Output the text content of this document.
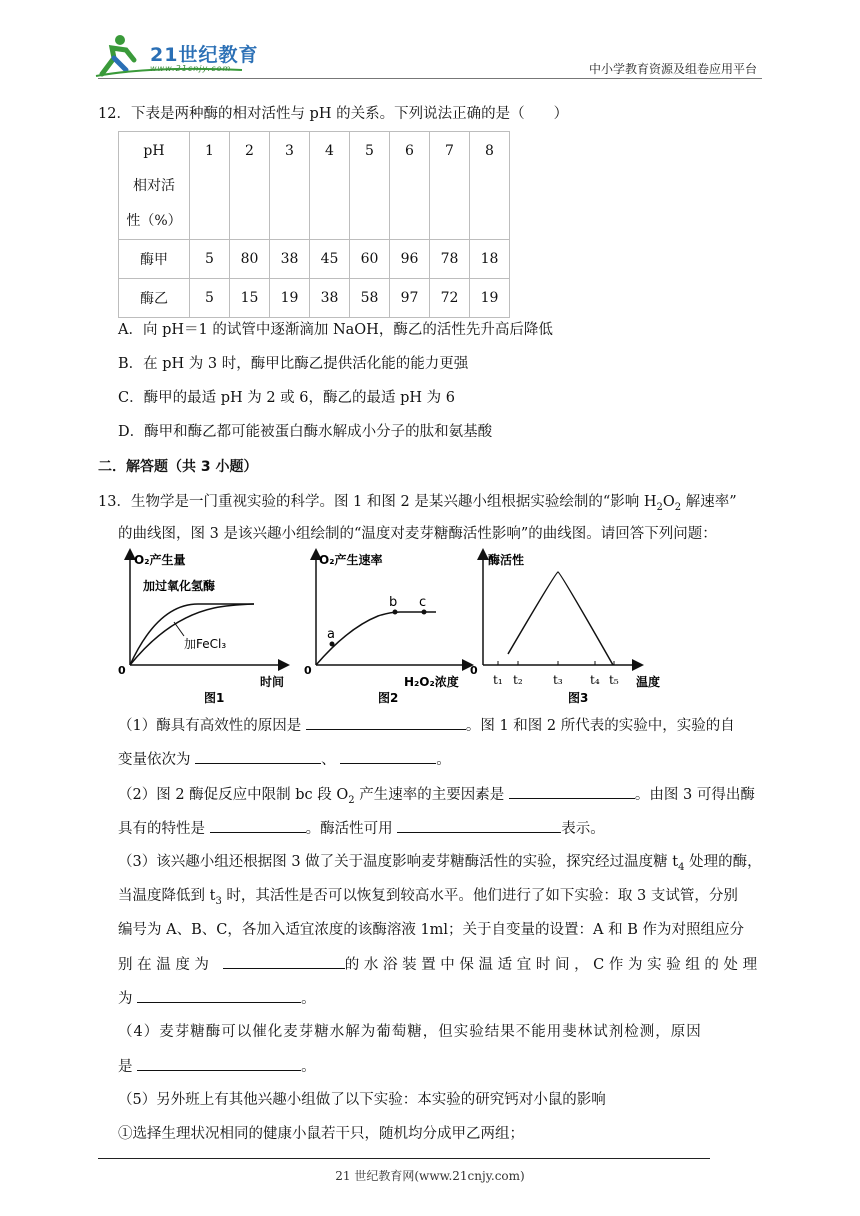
21世纪教育
www.21cnjy.com	中小学教育资源及组卷应用平台
12．下表是两种酶的相对活性与 pH 的关系。下列说法正确的是（　　）
pH
相对活
性（%）	1	2	3	4	5	6	7	8

酶甲	5	80	38	45	60	96	78	18
酶乙	5	15	19	38	58	97	72	19
A．向 pH＝1 的试管中逐渐滴加 NaOH，酶乙的活性先升高后降低
B．在 pH 为 3 时，酶甲比酶乙提供活化能的能力更强
C．酶甲的最适 pH 为 2 或 6，酶乙的最适 pH 为 6
D．酶甲和酶乙都可能被蛋白酶水解成小分子的肽和氨基酸
二．解答题（共 3 小题）
13．生物学是一门重视实验的科学。图 1 和图 2 是某兴趣小组根据实验绘制的“影响 $H_2O_2$ 解速率”
的曲线图，图 3 是该兴趣小组绘制的“温度对麦芽糖酶活性影响”的曲线图。请回答下列问题：
O₂产生量
加过氧化氢酶
加FeCl₃
0
时间
图1
O₂产生速率
a
b c
0
H₂O₂浓度
图2
酶活性
0
t₁ t₂	t₃ t₄ t₅ 温度
图3
（1）酶具有高效性的原因是	。图 1 和图 2 所代表的实验中，实验的自
变量依次为	、	。
（2）图 2 酶促反应中限制 bc 段 $O_2$ 产生速率的主要因素是	。由图 3 可得出酶
具有的特性是	。酶活性可用	表示。
（3）该兴趣小组还根据图 3 做了关于温度影响麦芽糖酶活性的实验，探究经过温度糖 $t_4$ 处理的酶，
当温度降低到 $t_3$ 时，其活性是否可以恢复到较高水平。他们进行了如下实验：取 3 支试管，分别
编号为 A、B、C，各加入适宜浓度的该酶溶液 1ml；关于自变量的设置：A 和 B 作为对照组应分
别 在 温 度 为	的 水 浴 装 置 中 保 温 适 宜 时 间 ， C 作 为 实 验 组 的 处 理
为	。
（4）麦芽糖酶可以催化麦芽糖水解为葡萄糖，但实验结果不能用斐林试剂检测，原因
是	。
（5）另外班上有其他兴趣小组做了以下实验：本实验的研究钙对小鼠的影响
①选择生理状况相同的健康小鼠若干只，随机均分成甲乙两组；
21 世纪教育网(www.21cnjy.com)
